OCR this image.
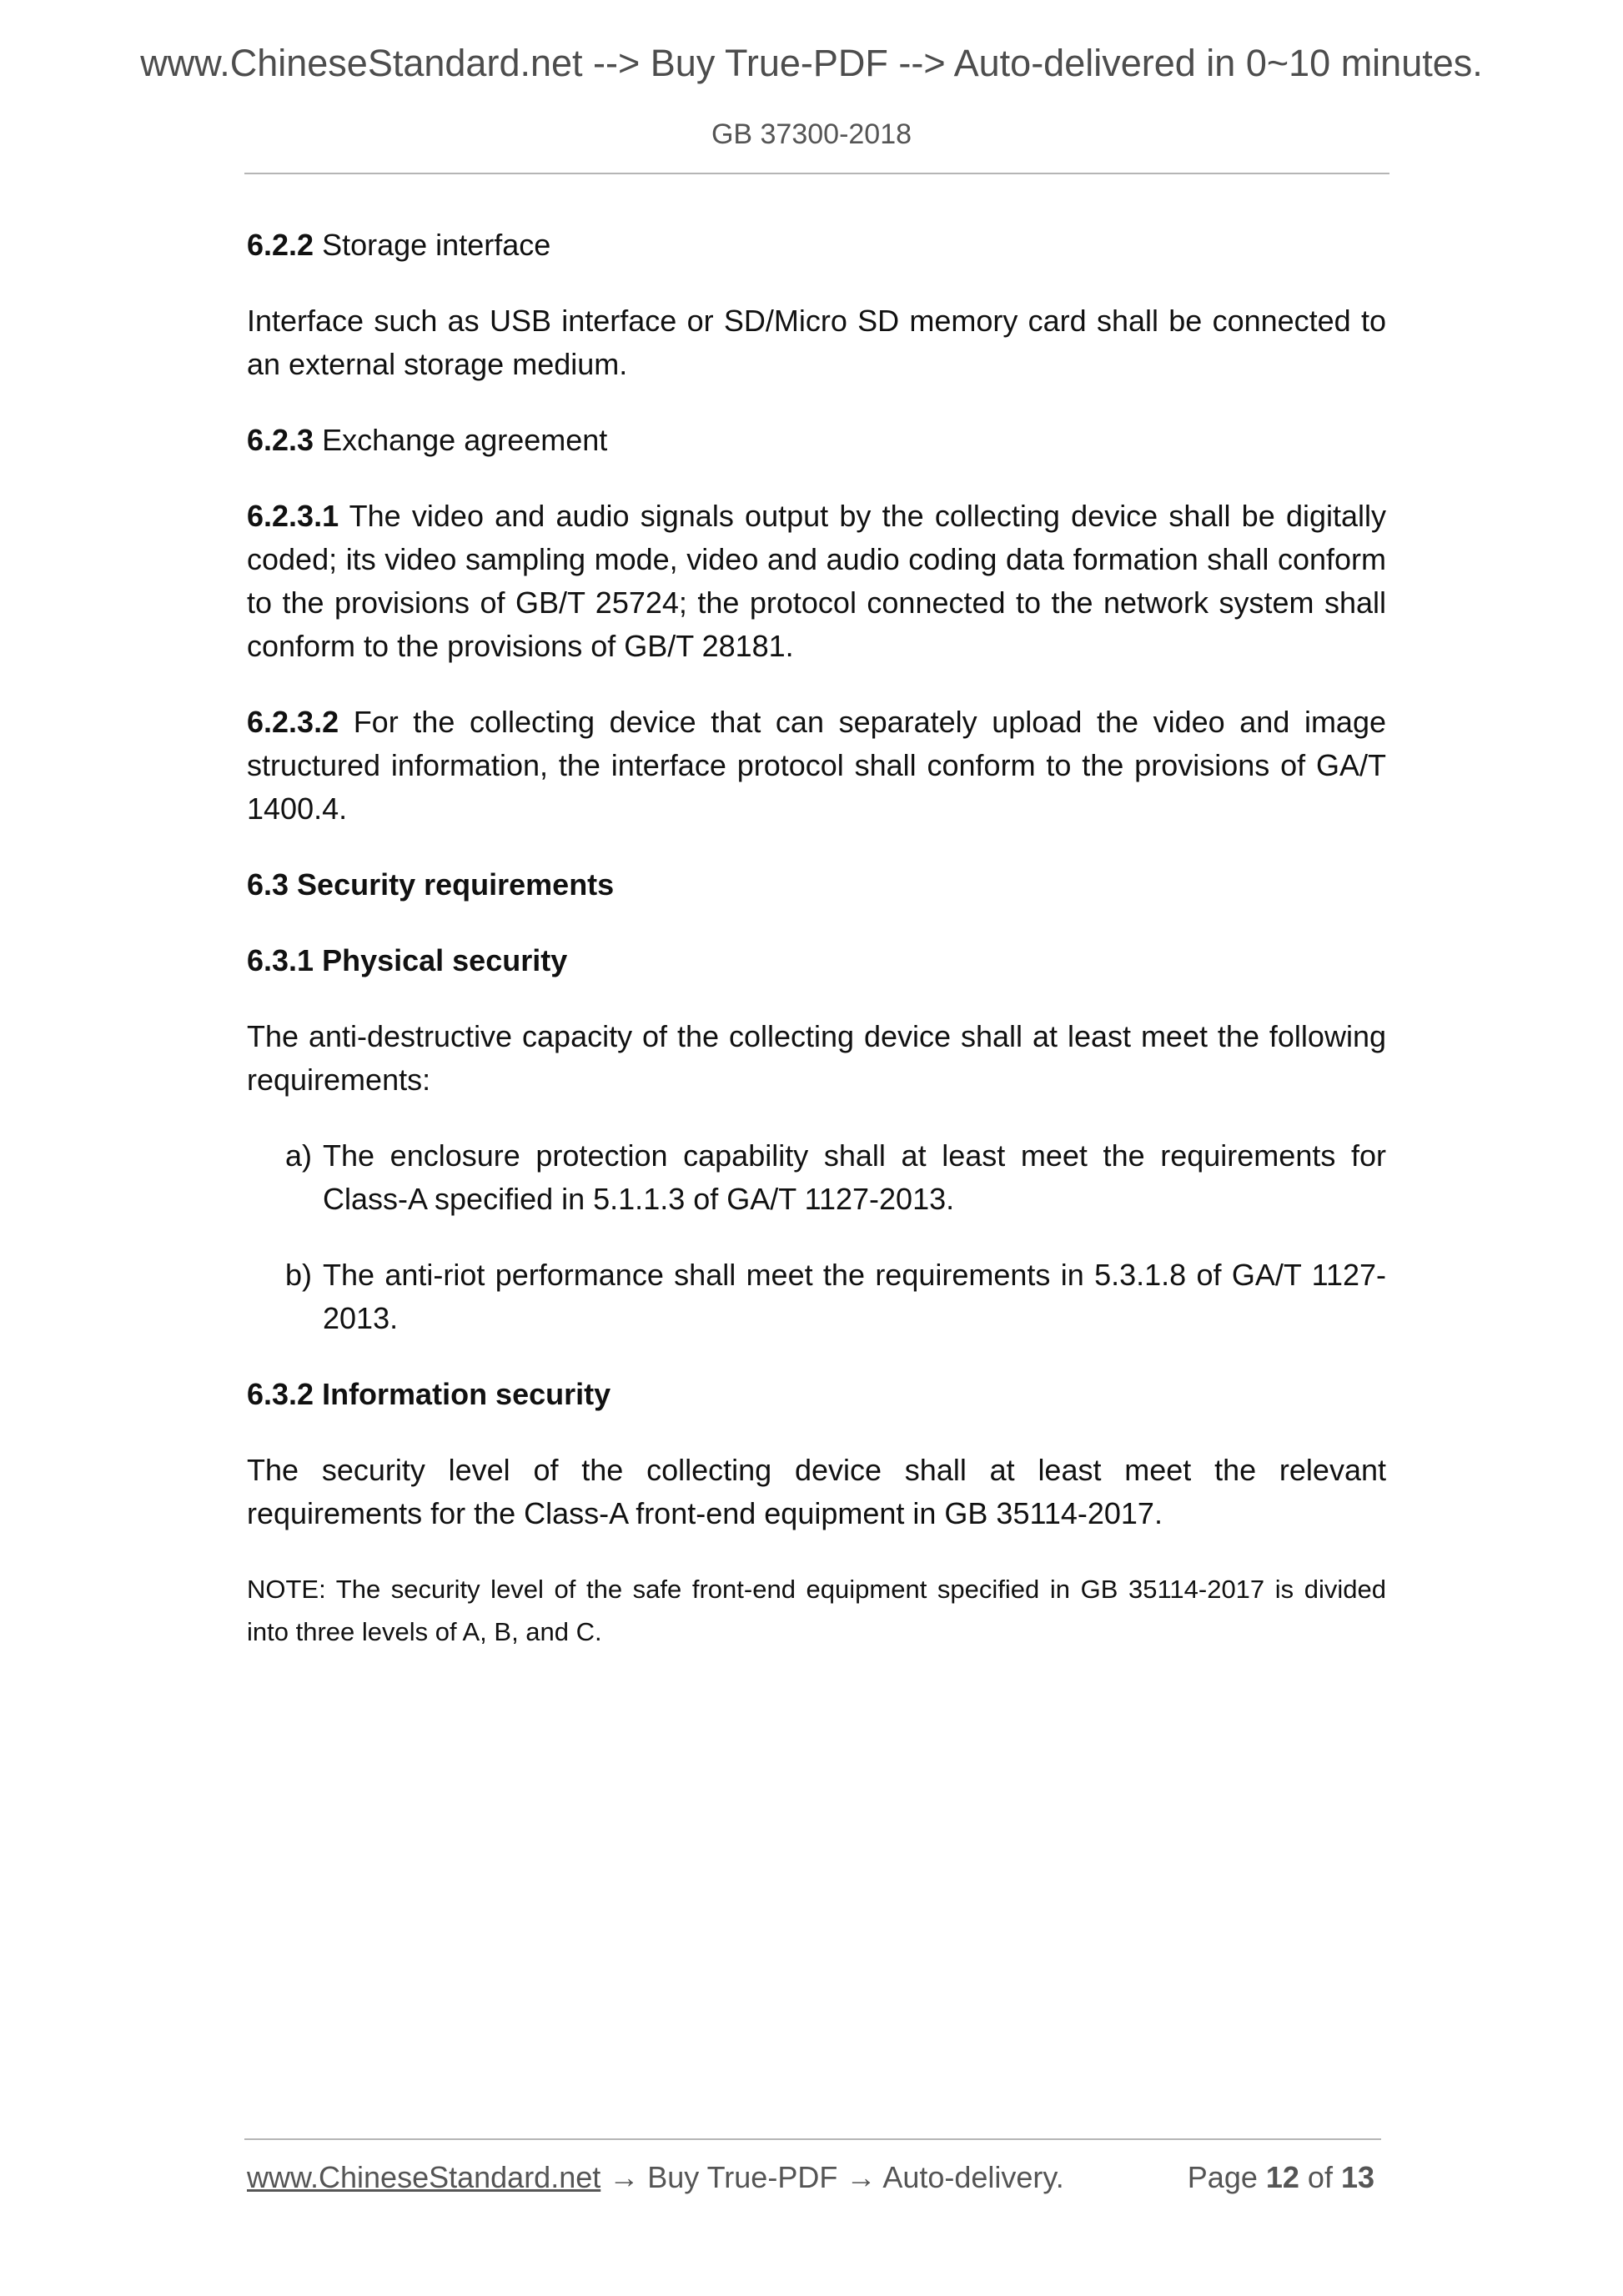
www.ChineseStandard.net --> Buy True-PDF --> Auto-delivered in 0~10 minutes.
GB 37300-2018

6.2.2 Storage interface

Interface such as USB interface or SD/Micro SD memory card shall be connected to an external storage medium.

6.2.3 Exchange agreement

6.2.3.1 The video and audio signals output by the collecting device shall be digitally coded; its video sampling mode, video and audio coding data formation shall conform to the provisions of GB/T 25724; the protocol connected to the network system shall conform to the provisions of GB/T 28181.

6.2.3.2 For the collecting device that can separately upload the video and image structured information, the interface protocol shall conform to the provisions of GA/T 1400.4.

6.3 Security requirements

6.3.1 Physical security

The anti-destructive capacity of the collecting device shall at least meet the following requirements:

a) The enclosure protection capability shall at least meet the requirements for Class-A specified in 5.1.1.3 of GA/T 1127-2013.

b) The anti-riot performance shall meet the requirements in 5.3.1.8 of GA/T 1127-2013.

6.3.2 Information security

The security level of the collecting device shall at least meet the relevant requirements for the Class-A front-end equipment in GB 35114-2017.

NOTE: The security level of the safe front-end equipment specified in GB 35114-2017 is divided into three levels of A, B, and C.

www.ChineseStandard.net → Buy True-PDF → Auto-delivery.	Page 12 of 13
